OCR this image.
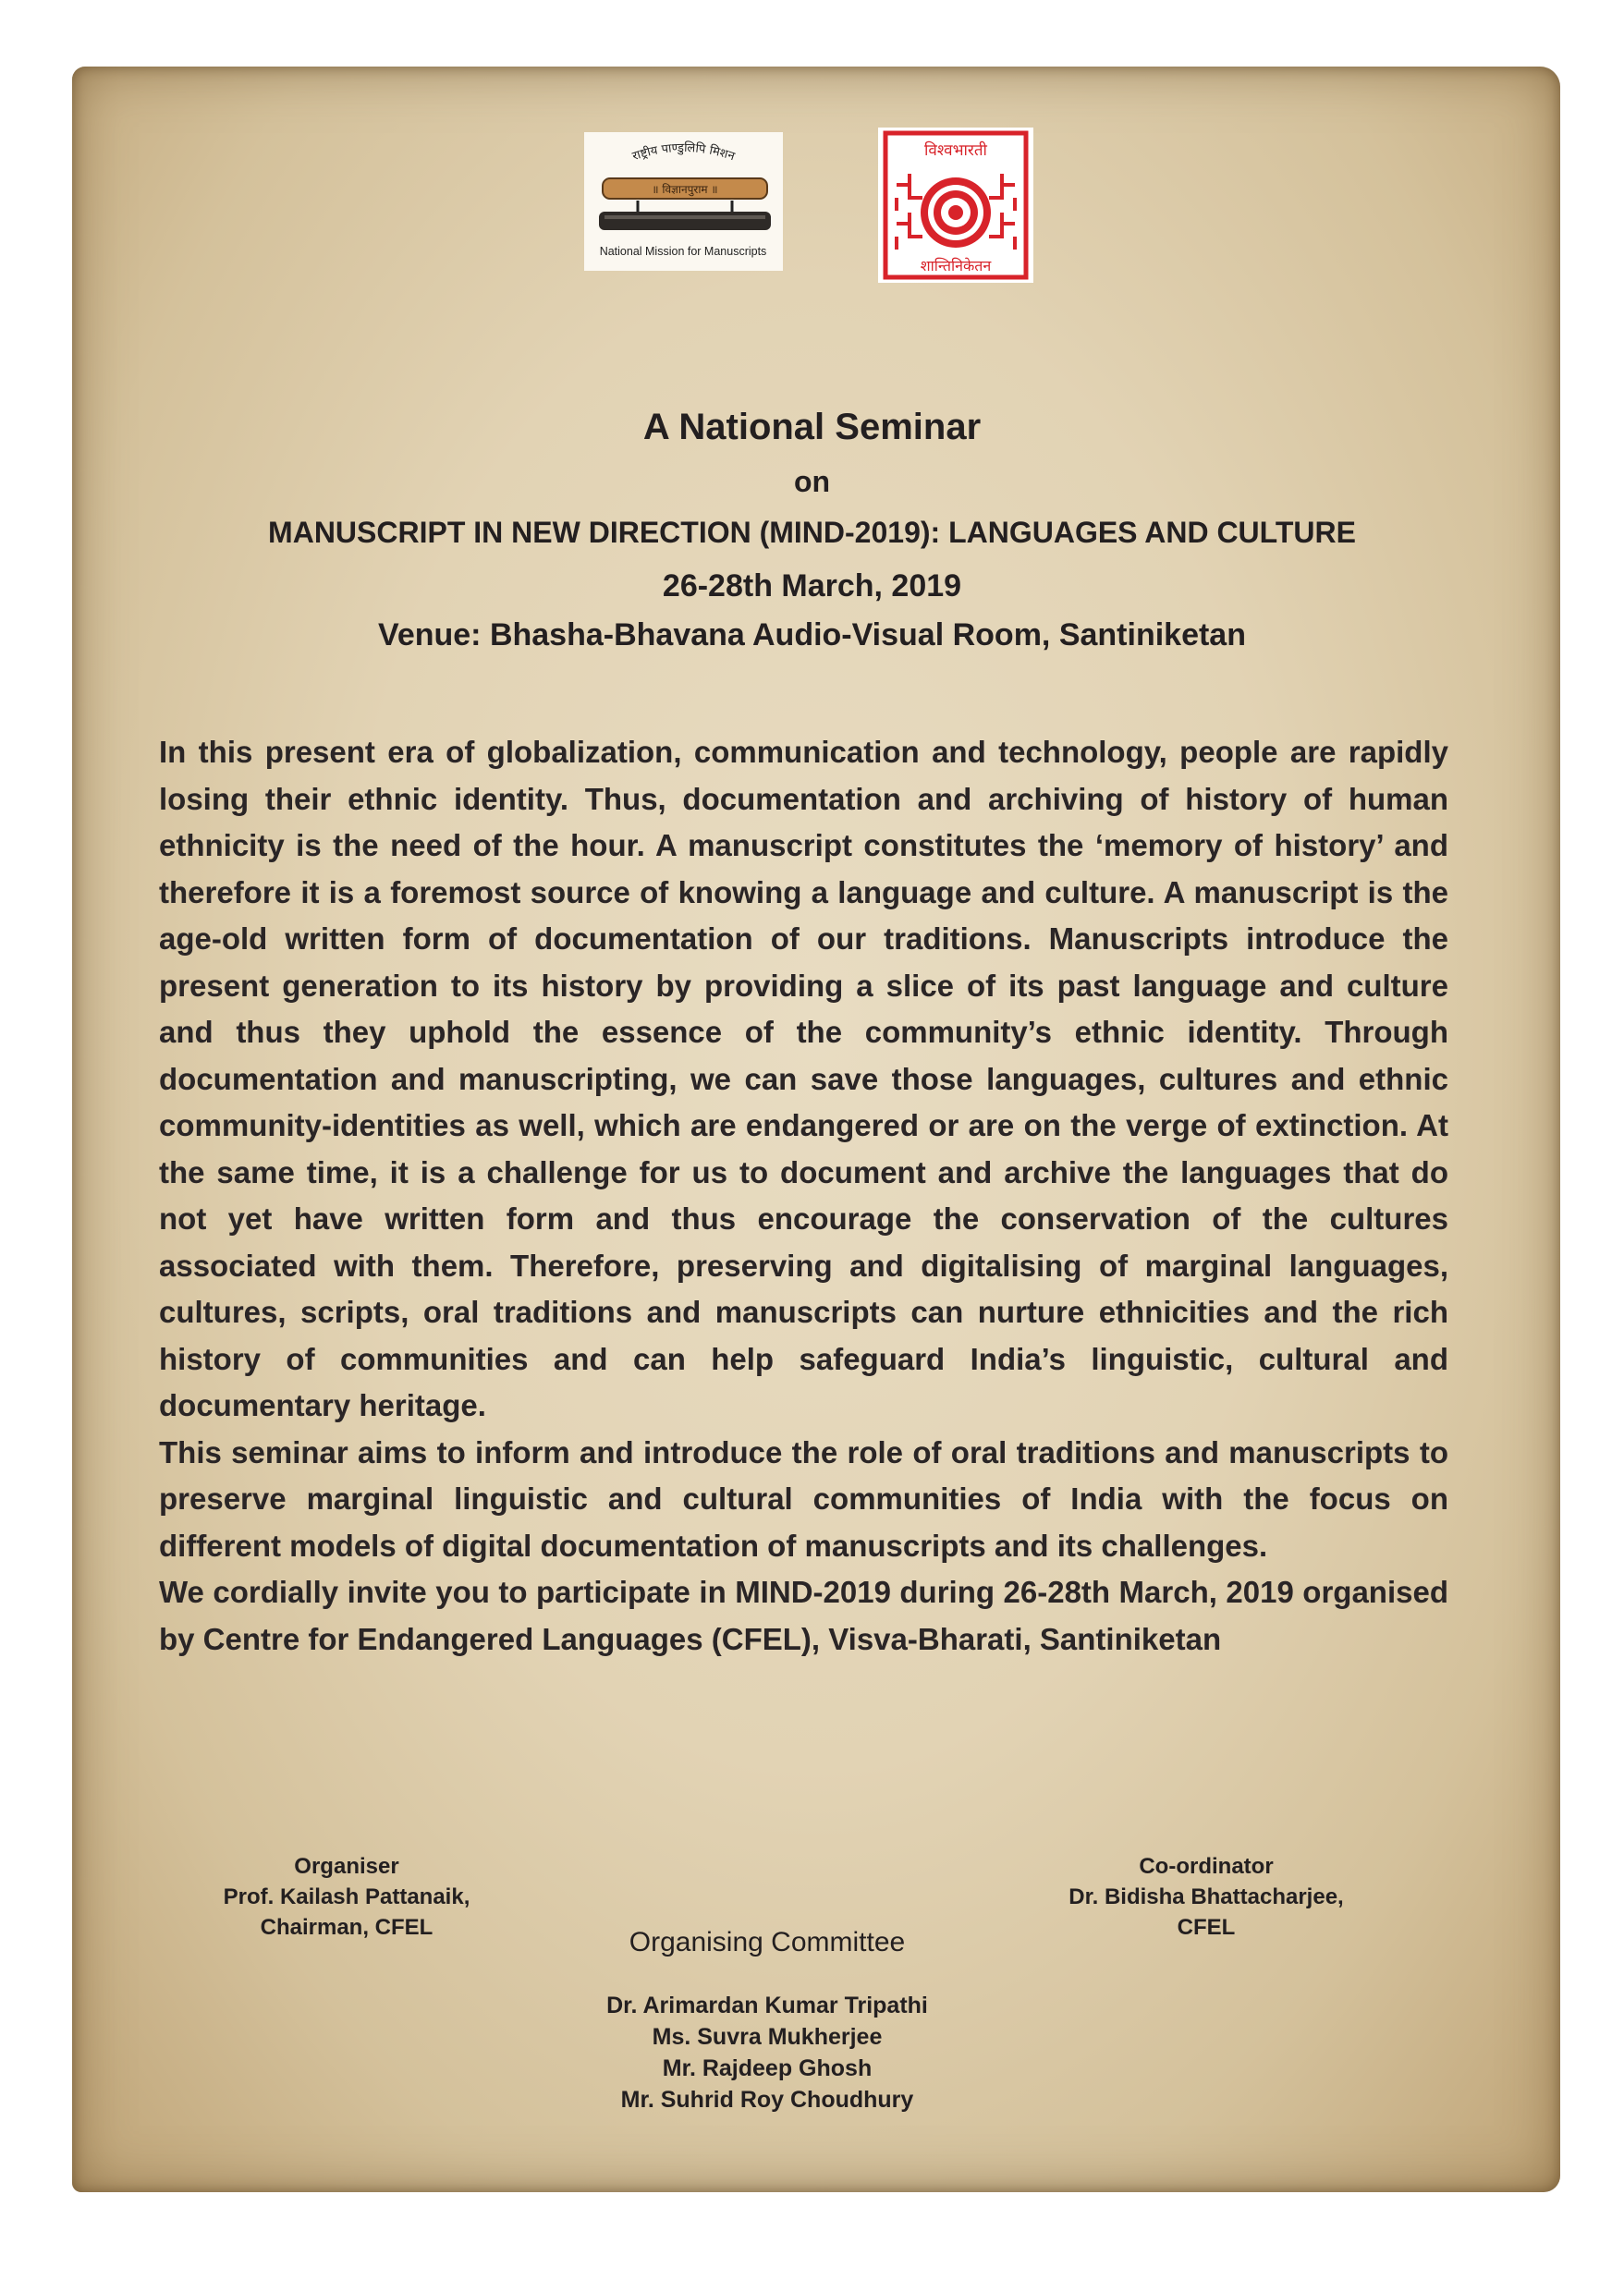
राष्ट्रीय पाण्डुलिपि मिशन
॥ विज्ञानपुराम ॥
National Mission for Manuscripts
विश्वभारती
शान्तिनिकेतन
A National Seminar
on
MANUSCRIPT IN NEW DIRECTION (MIND-2019): LANGUAGES AND CULTURE
26-28th March, 2019
Venue: Bhasha-Bhavana Audio-Visual Room, Santiniketan

In this present era of globalization, communication and technology, people are rapidly losing their ethnic identity. Thus, documentation and archiving of history of human ethnicity is the need of the hour. A manuscript constitutes the ‘memory of history’ and therefore it is a foremost source of knowing a language and culture. A manuscript is the age-old written form of documentation of our traditions. Manuscripts introduce the present generation to its history by providing a slice of its past language and culture and thus they uphold the essence of the community’s ethnic identity. Through documentation and manuscripting, we can save those languages, cultures and ethnic community-identities as well, which are endangered or are on the verge of extinction. At the same time, it is a challenge for us to document and archive the languages that do not yet have written form and thus encourage the conservation of the cultures associated with them. Therefore, preserving and digitalising of marginal languages, cultures, scripts, oral traditions and manuscripts can nurture ethnicities and the rich history of communities and can help safeguard India’s linguistic, cultural and documentary heritage.

This seminar aims to inform and introduce the role of oral traditions and manuscripts to preserve marginal linguistic and cultural communities of India with the focus on different models of digital documentation of manuscripts and its challenges.

We cordially invite you to participate in MIND-2019 during 26-28th March, 2019 organised by Centre for Endangered Languages (CFEL), Visva-Bharati, Santiniketan

Organiser
Prof. Kailash Pattanaik,
Chairman, CFEL
Co-ordinator
Dr. Bidisha Bhattacharjee,
CFEL
Organising Committee
Dr. Arimardan Kumar Tripathi
Ms. Suvra Mukherjee
Mr. Rajdeep Ghosh
Mr. Suhrid Roy Choudhury
